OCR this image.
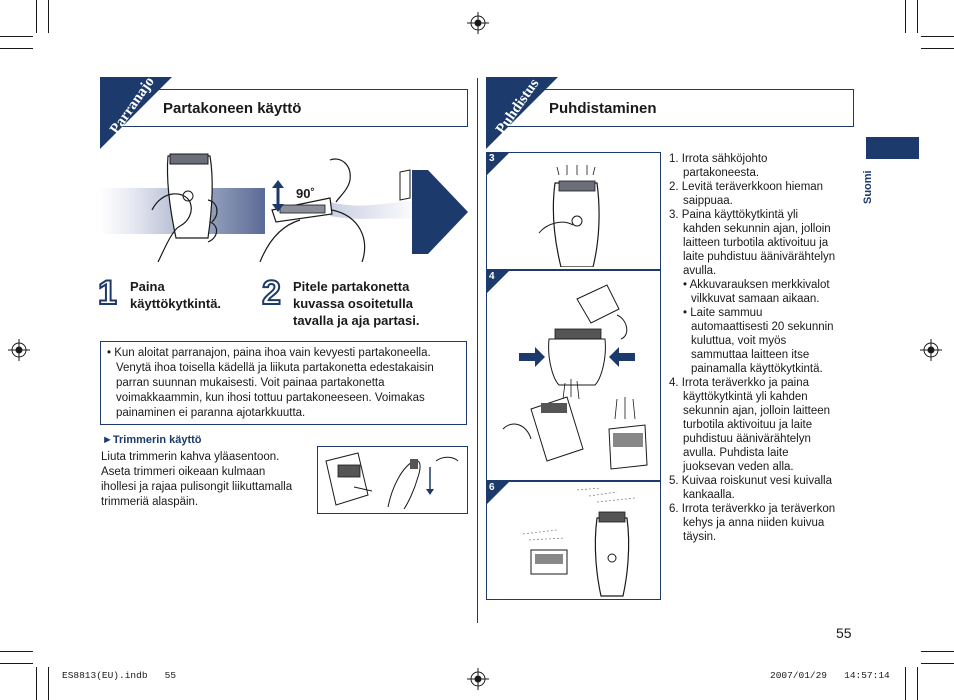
Partakoneen käyttö
Parranajo	Puhdistaminen
Puhdistus
90˚
1 Paina
käyttökytkintä. 2 Pitele partakonetta
kuvassa osoitetulla
tavalla ja aja partasi.
• Kun aloitat parranajon, paina ihoa vain kevyesti partakoneella.
Venytä ihoa toisella kädellä ja liikuta partakonetta edestakaisin
parran suunnan mukaisesti. Voit painaa partakonetta
voimakkaammin, kun ihosi tottuu partakoneeseen. Voimakas
painaminen ei paranna ajotarkkuutta.
►Trimmerin käyttö
Liuta trimmerin kahva yläasentoon.
Aseta trimmeri oikeaan kulmaan
ihollesi ja rajaa pulisongit liikuttamalla
trimmeriä alaspäin.
3
4
6
1. Irrota sähköjohto
partakoneesta.
2. Levitä teräverkkoon hieman
saippuaa.
3. Paina käyttökytkintä yli
kahden sekunnin ajan, jolloin
laitteen turbotila aktivoituu ja
laite puhdistuu äänivärähtelyn
avulla.
• Akkuvarauksen merkkivalot
vilkkuvat samaan aikaan.
• Laite sammuu
automaattisesti 20 sekunnin
kuluttua, voit myös
sammuttaa laitteen itse
painamalla käyttökytkintä.
4. Irrota teräverkko ja paina
käyttökytkintä yli kahden
sekunnin ajan, jolloin laitteen
turbotila aktivoituu ja laite
puhdistuu äänivärähtelyn
avulla. Puhdista laite
juoksevan veden alla.
5. Kuivaa roiskunut vesi kuivalla
kankaalla.
6. Irrota teräverkko ja teräverkon
kehys ja anna niiden kuivua
täysin.
Suomi
55
ES8813(EU).indb   55	2007/01/29   14:57:14
